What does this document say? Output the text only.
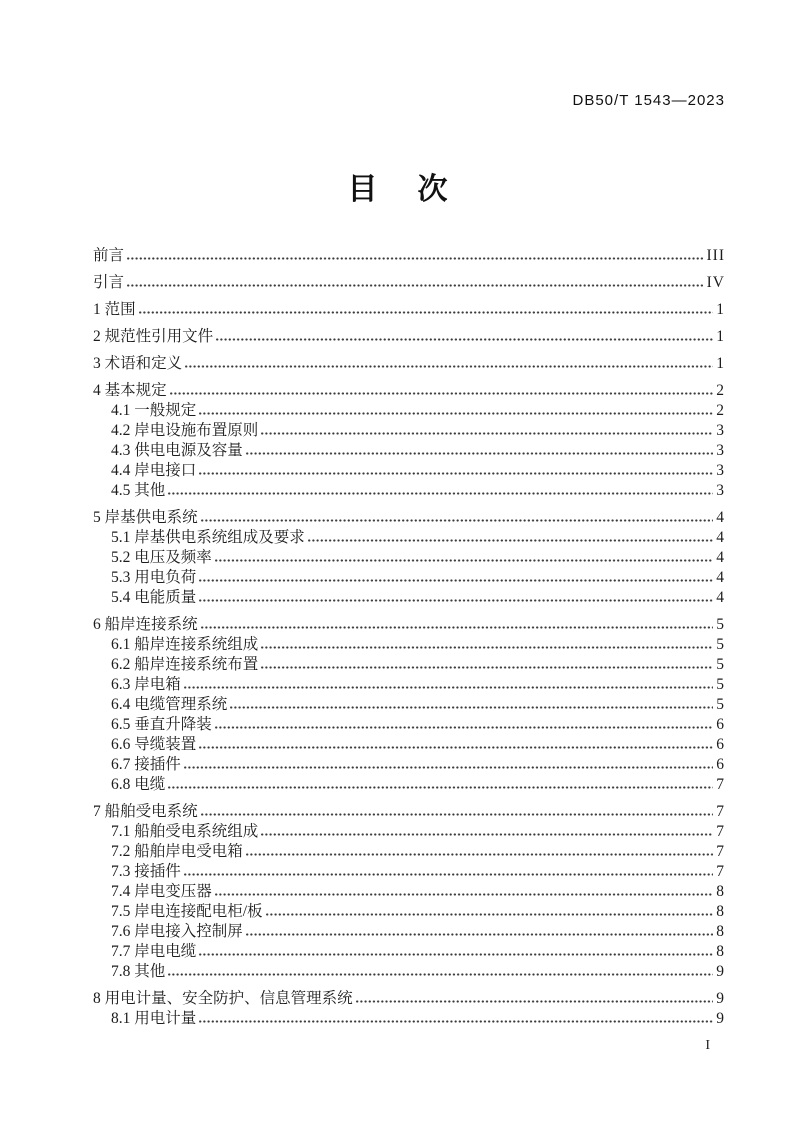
DB50/T 1543—2023
目　次
前言	III
引言	IV
1 范围	1
2 规范性引用文件	1
3 术语和定义	1
4 基本规定	2
4.1 一般规定	2
4.2 岸电设施布置原则	3
4.3 供电电源及容量	3
4.4 岸电接口	3
4.5 其他	3
5 岸基供电系统	4
5.1 岸基供电系统组成及要求	4
5.2 电压及频率	4
5.3 用电负荷	4
5.4 电能质量	4
6 船岸连接系统	5
6.1 船岸连接系统组成	5
6.2 船岸连接系统布置	5
6.3 岸电箱	5
6.4 电缆管理系统	5
6.5 垂直升降装	6
6.6 导缆装置	6
6.7 接插件	6
6.8 电缆	7
7 船舶受电系统	7
7.1 船舶受电系统组成	7
7.2 船舶岸电受电箱	7
7.3 接插件	7
7.4 岸电变压器	8
7.5 岸电连接配电柜/板	8
7.6 岸电接入控制屏	8
7.7 岸电电缆	8
7.8 其他	9
8 用电计量、安全防护、信息管理系统	9
8.1 用电计量	9
I
